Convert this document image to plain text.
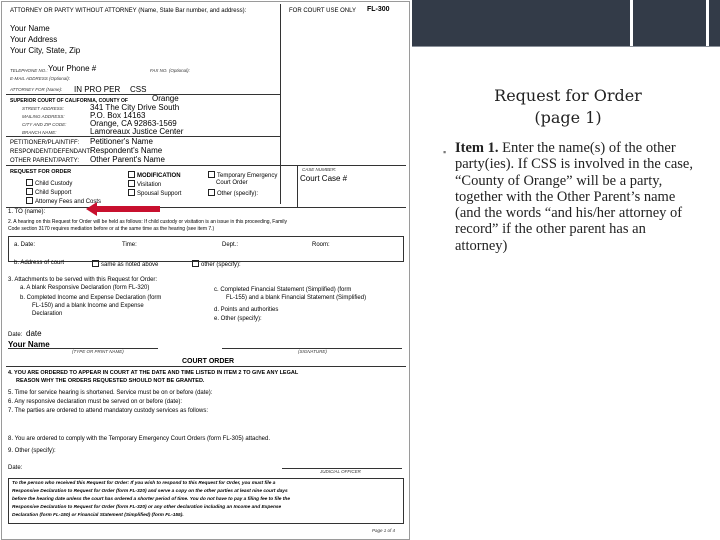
Request for Order
(page 1)
▪ Item 1. Enter the name(s) of the other party(ies). If CSS is involved in the case, “County of Orange” will be a party, together with the Other Parent’s name (and the words “and his/her attorney of record” if the other parent has an attorney)
ATTORNEY OR PARTY WITHOUT ATTORNEY (Name, State Bar number, and address):	FOR COURT USE ONLY FL-300
Your Name
Your Address
Your City, State, Zip
TELEPHONE NO.: Your Phone #	FAX NO. (Optional):
E-MAIL ADDRESS (Optional):
ATTORNEY FOR (Name): IN PRO PER CSS
SUPERIOR COURT OF CALIFORNIA, COUNTY OF	Orange
STREET ADDRESS:	341 The City Drive South
MAILING ADDRESS:	P.O. Box 14163
CITY AND ZIP CODE:	Orange, CA 92863-1569
BRANCH NAME:	Lamoreaux Justice Center
PETITIONER/PLAINTIFF: Petitioner's Name
RESPONDENT/DEFENDANT:
Respondent's Name
OTHER PARENT/PARTY: Other Parent's Name
REQUEST FOR ORDER
Child Custody
Child Support
Attorney Fees and Costs
MODIFICATION
Visitation
Spousal Support
Temporary Emergency
Court Order
Other (specify):
CASE NUMBER:
Court Case #
1. TO (name):
2. A hearing on this Request for Order will be held as follows: If child custody or visitation is an issue in this proceeding, Family
Code section 3170 requires mediation before or at the same time as the hearing (see item 7.)
a. Date:	Time:	Dept.:	Room:
b. Address of court	same as noted above	other (specify):
3. Attachments to be served with this Request for Order:
a. A blank Responsive Declaration (form FL-320)
b. Completed Income and Expense Declaration (form
FL-150) and a blank Income and Expense
Declaration
c. Completed Financial Statement (Simplified) (form
FL-155) and a blank Financial Statement (Simplified)
d. Points and authorities
e. Other (specify):
Date: date
Your Name
(TYPE OR PRINT NAME)	(SIGNATURE)
COURT ORDER
4. YOU ARE ORDERED TO APPEAR IN COURT AT THE DATE AND TIME LISTED IN ITEM 2 TO GIVE ANY LEGAL
REASON WHY THE ORDERS REQUESTED SHOULD NOT BE GRANTED.
5. Time for service hearing is shortened. Service must be on or before (date):
6. Any responsive declaration must be served on or before (date):
7. The parties are ordered to attend mandatory custody services as follows:
8. You are ordered to comply with the Temporary Emergency Court Orders (form FL-305) attached.
9. Other (specify):
Date:
JUDICIAL OFFICER
To the person who received this Request for Order: If you wish to respond to this Request for Order, you must file a
Responsive Declaration to Request for Order (form FL-320) and serve a copy on the other parties at least nine court days
before the hearing date unless the court has ordered a shorter period of time. You do not have to pay a filing fee to file the
Responsive Declaration to Request for Order (form FL-320) or any other declaration including an Income and Expense
Declaration (form FL-150) or Financial Statement (Simplified) (form FL-155).
Page 1 of 4
